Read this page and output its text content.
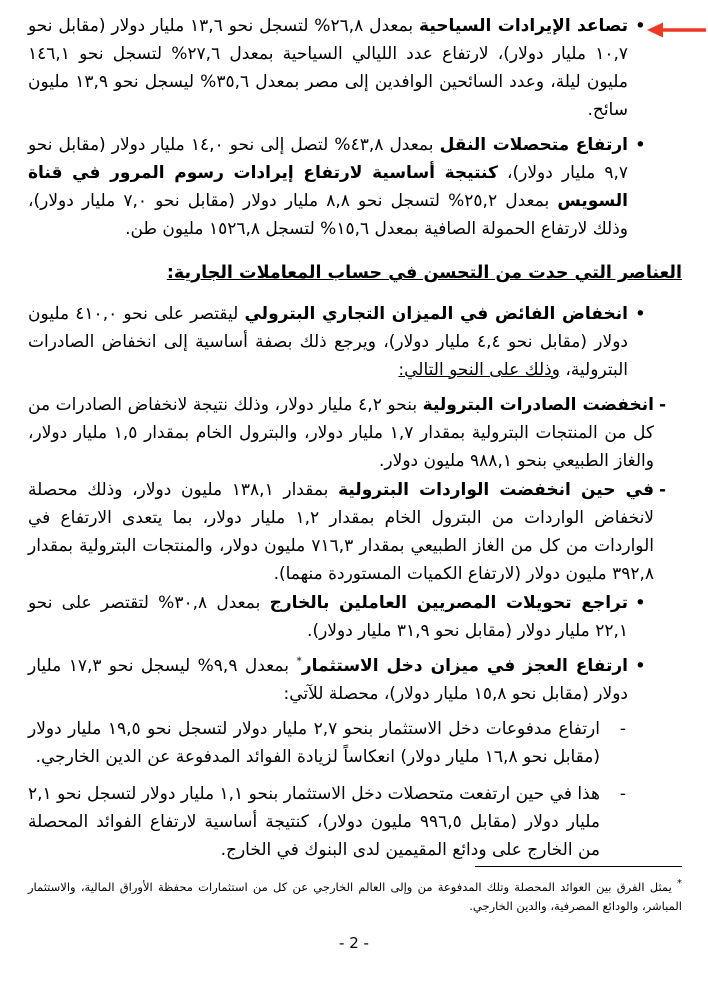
•
تصاعد الإيرادات السياحية بمعدل ٢٦,٨% لتسجل نحو ١٣,٦ مليار دولار (مقابل نحو ١٠,٧ مليار دولار)، لارتفاع عدد الليالي السياحية بمعدل ٢٧,٦% لتسجل نحو ١٤٦,١ مليون ليلة، وعدد السائحين الوافدين إلى مصر بمعدل ٣٥,٦% ليسجل نحو ١٣,٩ مليون سائح.
•
ارتفاع متحصلات النقل بمعدل ٤٣,٨% لتصل إلى نحو ١٤,٠ مليار دولار (مقابل نحو ٩,٧ مليار دولار)، كنتيجة أساسية لارتفاع إيرادات رسوم المرور في قناة السويس بمعدل ٢٥,٢% لتسجل نحو ٨,٨ مليار دولار (مقابل نحو ٧,٠ مليار دولار)، وذلك لارتفاع الحمولة الصافية بمعدل ١٥,٦% لتسجل ١٥٢٦,٨ مليون طن.
العناصر التي حدت من التحسن في حساب المعاملات الجارية:
•
انخفاض الفائض في الميزان التجاري البترولي ليقتصر على نحو ٤١٠,٠ مليون دولار (مقابل نحو ٤,٤ مليار دولار)، ويرجع ذلك بصفة أساسية إلى انخفاض الصادرات البترولية، وذلك على النحو التالي:
-
انخفضت الصادرات البترولية بنحو ٤,٢ مليار دولار، وذلك نتيجة لانخفاض الصادرات من كل من المنتجات البترولية بمقدار ١,٧ مليار دولار، والبترول الخام بمقدار ١,٥ مليار دولار، والغاز الطبيعي بنحو ٩٨٨,١ مليون دولار.
-
في حين انخفضت الواردات البترولية بمقدار ١٣٨,١ مليون دولار، وذلك محصلة لانخفاض الواردات من البترول الخام بمقدار ١,٢ مليار دولار، بما يتعدى الارتفاع في الواردات من كل من الغاز الطبيعي بمقدار ٧١٦,٣ مليون دولار، والمنتجات البترولية بمقدار ٣٩٢,٨ مليون دولار (لارتفاع الكميات المستوردة منهما).
•
تراجع تحويلات المصريين العاملين بالخارج بمعدل ٣٠,٨% لتقتصر على نحو ٢٢,١ مليار دولار (مقابل نحو ٣١,٩ مليار دولار).
•
ارتفاع العجز في ميزان دخل الاستثمار* بمعدل ٩,٩% ليسجل نحو ١٧,٣ مليار دولار (مقابل نحو ١٥,٨ مليار دولار)، محصلة للآتي:
-
ارتفاع مدفوعات دخل الاستثمار بنحو ٢,٧ مليار دولار لتسجل نحو ١٩,٥ مليار دولار (مقابل نحو ١٦,٨ مليار دولار) انعكاساً لزيادة الفوائد المدفوعة عن الدين الخارجي.
-
هذا في حين ارتفعت متحصلات دخل الاستثمار بنحو ١,١ مليار دولار لتسجل نحو ٢,١ مليار دولار (مقابل ٩٩٦,٥ مليون دولار)، كنتيجة أساسية لارتفاع الفوائد المحصلة من الخارج على ودائع المقيمين لدى البنوك في الخارج.
* يمثل الفرق بين العوائد المحصلة وتلك المدفوعة من وإلى العالم الخارجي عن كل من استثمارات محفظة الأوراق المالية، والاستثمار المباشر، والودائع المصرفية، والدين الخارجي.
- 2 -
